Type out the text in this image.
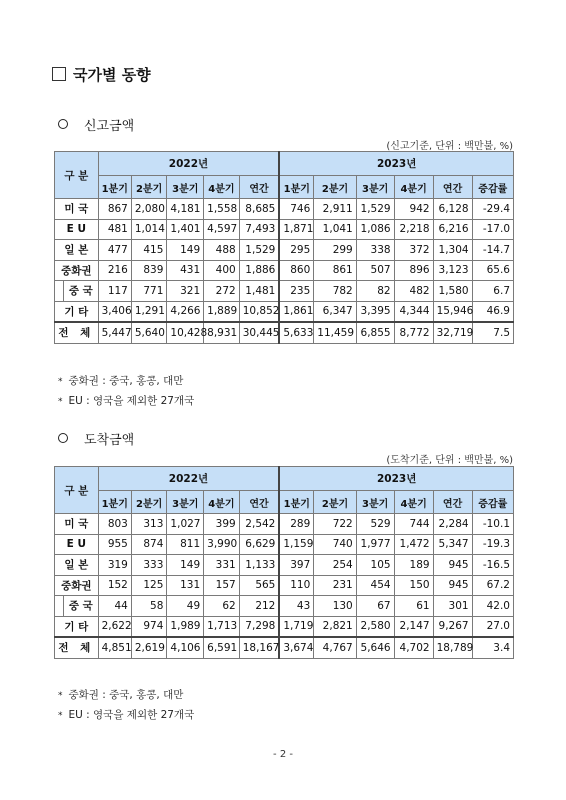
국가별 동향
신고금액
(신고기준, 단위 : 백만불, %)
구 분	2022년					2023년					
	1분기	2분기	3분기	4분기	연간	1분기	2분기	3분기	4분기	연간	증감률
미 국	867	2,080	4,181	1,558	8,685	746	2,911	1,529	942	6,128	-29.4
E U	481	1,014	1,401	4,597	7,493	1,871	1,041	1,086	2,218	6,216	-17.0
일 본	477	415	149	488	1,529	295	299	338	372	1,304	-14.7
중화권	216	839	431	400	1,886	860	861	507	896	3,123	65.6

중 국	117	771	321	272	1,481	235	782	82	482	1,580	6.7
기 타	3,406	1,291	4,266	1,889	10,852	1,861	6,347	3,395	4,344	15,946	46.9
전 체	5,447	5,640	10,428	8,931	30,445	5,633	11,459	6,855	8,772	32,719	7.5
* 중화권 : 중국, 홍콩, 대만
* EU : 영국을 제외한 27개국
도착금액
(도착기준, 단위 : 백만불, %)
구 분	2022년					2023년					
	1분기	2분기	3분기	4분기	연간	1분기	2분기	3분기	4분기	연간	증감률
미 국	803	313	1,027	399	2,542	289	722	529	744	2,284	-10.1
E U	955	874	811	3,990	6,629	1,159	740	1,977	1,472	5,347	-19.3
일 본	319	333	149	331	1,133	397	254	105	189	945	-16.5
중화권	152	125	131	157	565	110	231	454	150	945	67.2

중 국	44	58	49	62	212	43	130	67	61	301	42.0
기 타	2,622	974	1,989	1,713	7,298	1,719	2,821	2,580	2,147	9,267	27.0
전 체	4,851	2,619	4,106	6,591	18,167	3,674	4,767	5,646	4,702	18,789	3.4
* 중화권 : 중국, 홍콩, 대만
* EU : 영국을 제외한 27개국
- 2 -
